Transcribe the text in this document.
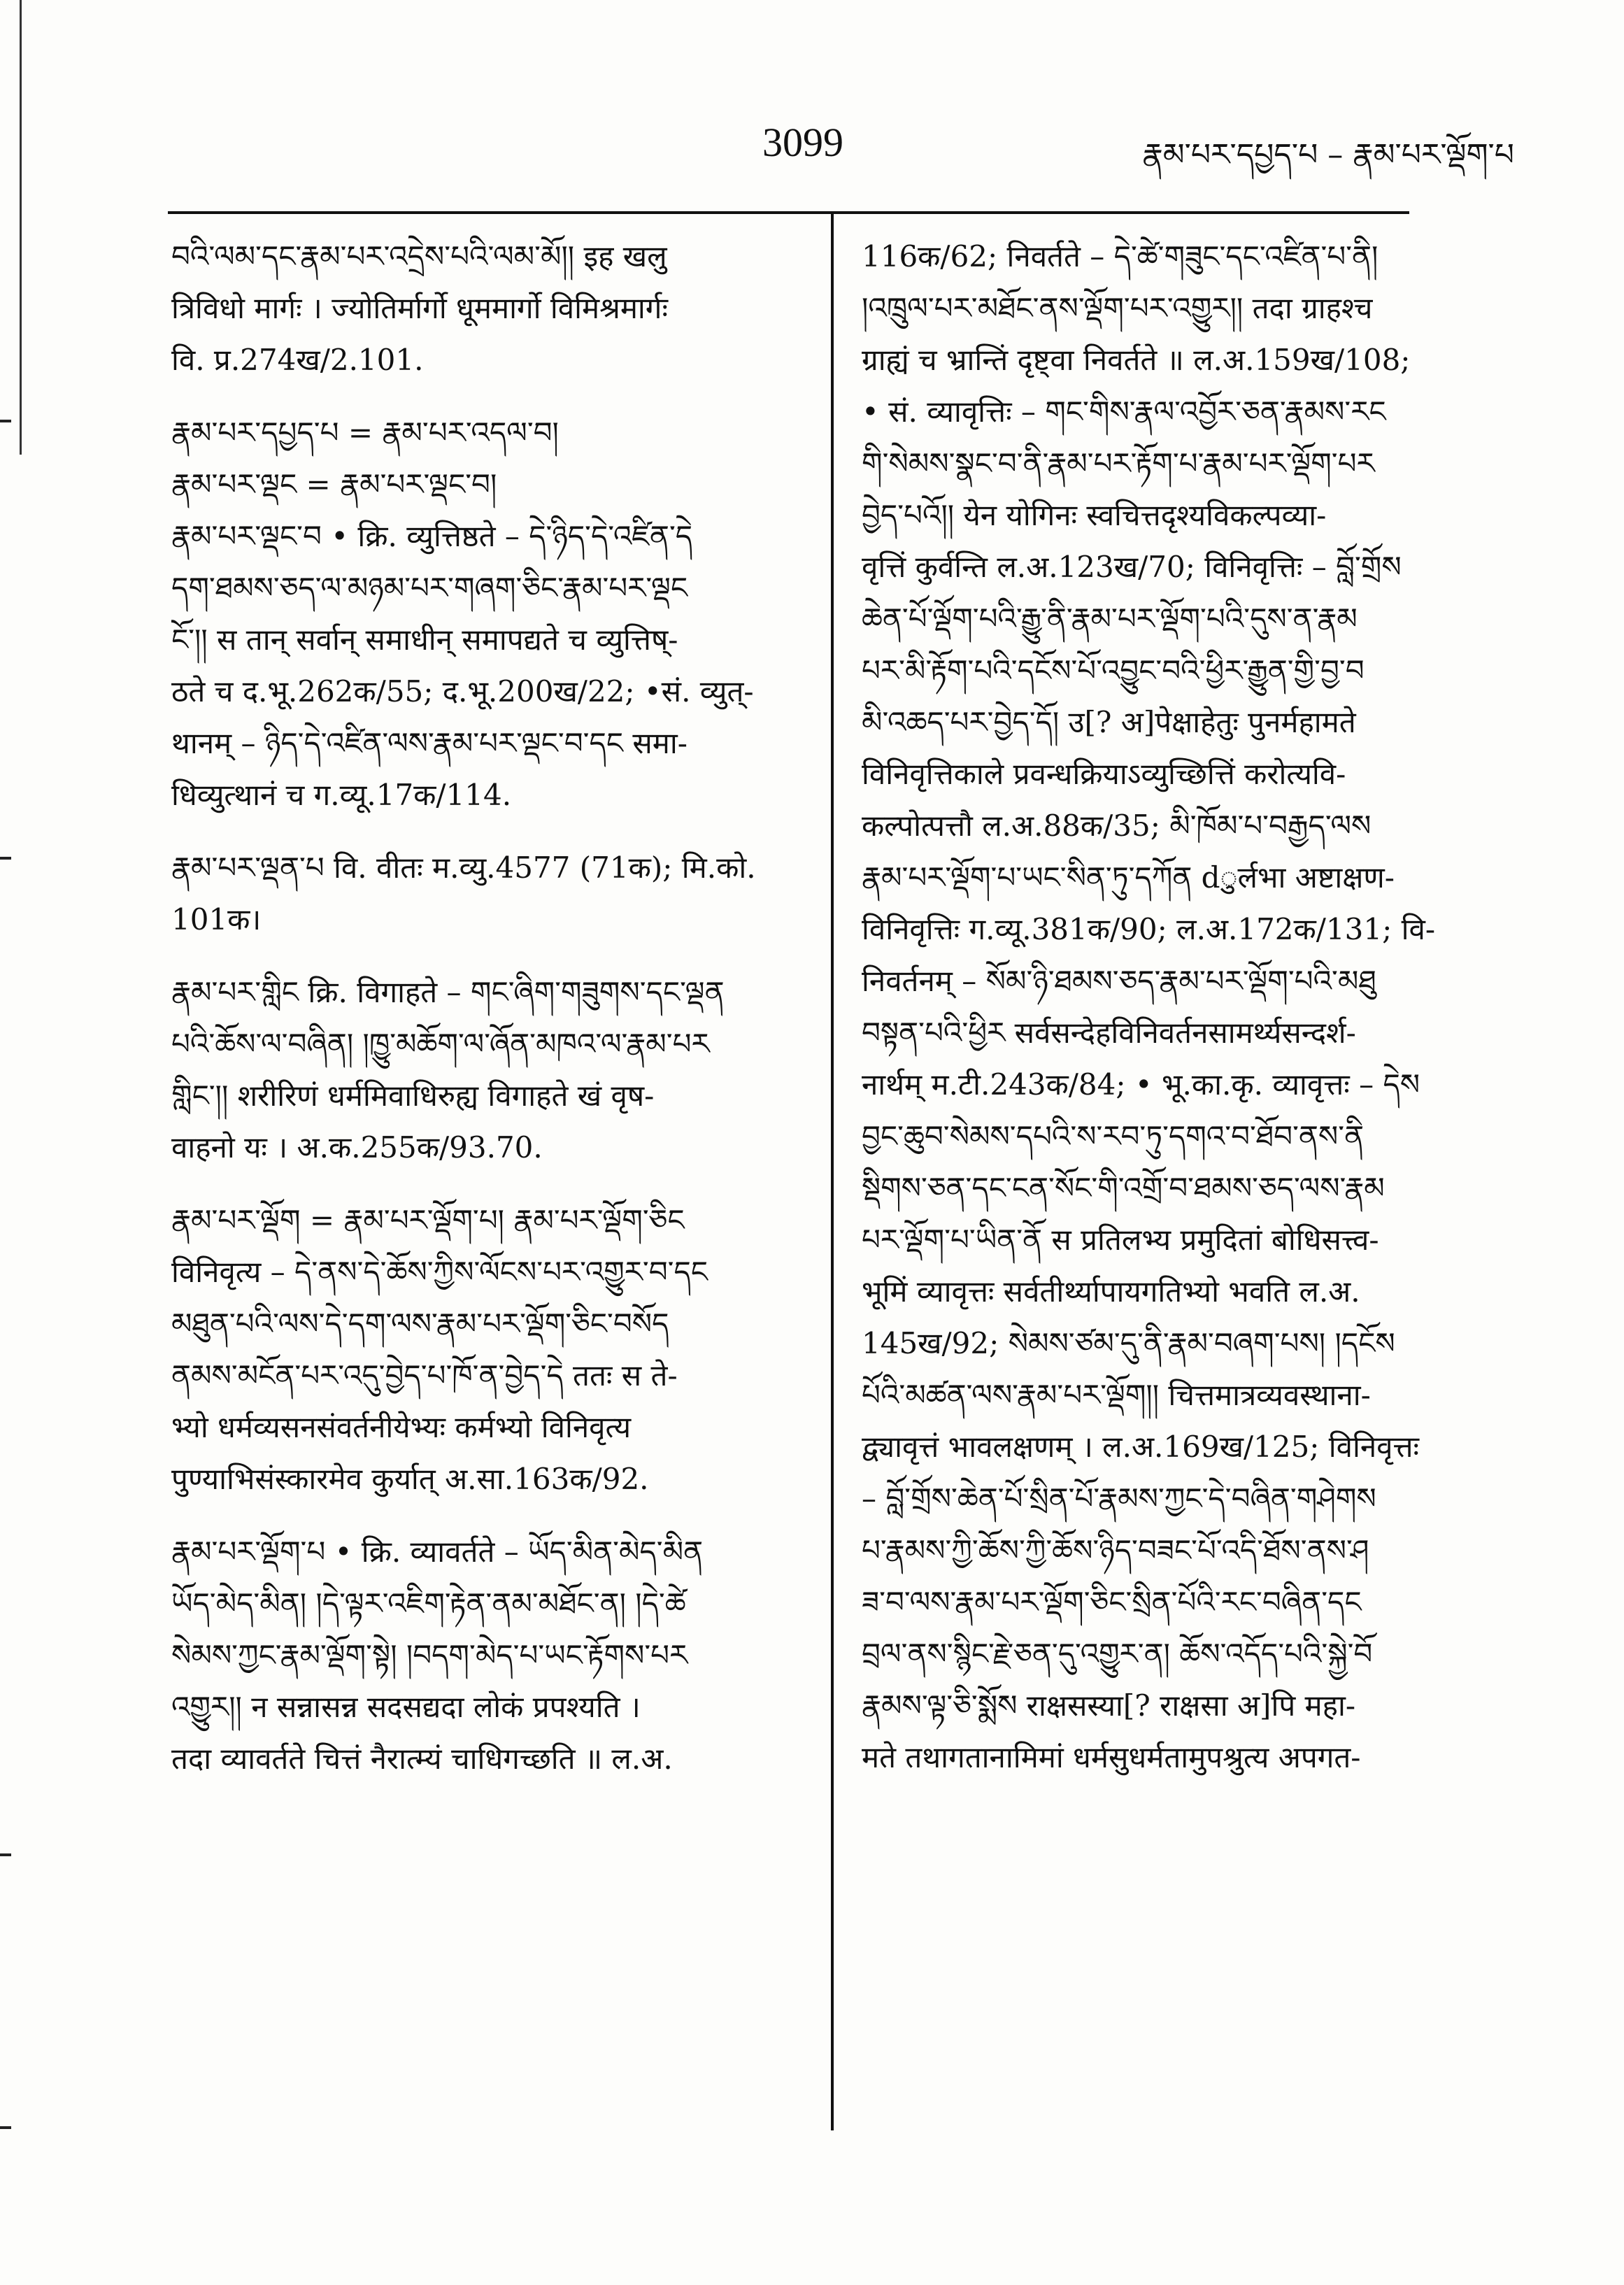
3099	རྣམ་པར་དཔྱད་པ – རྣམ་པར་ལྡོག་པ
བའི་ལམ་དང་རྣམ་པར་འདྲེས་པའི་ལམ་མོ།། इह खलु
त्रिविधो मार्गः । ज्योतिर्मार्गो धूममार्गो विमिश्रमार्गः
वि. प्र.274ख/2.101.
རྣམ་པར་དཔྱད་པ = རྣམ་པར་འདལ་བ།
རྣམ་པར་ལྡང = རྣམ་པར་ལྡང་བ།
རྣམ་པར་ལྡང་བ • क्रि. व्युत्तिष्ठते – དེ་ཉིད་དེ་འཛིན་དེ
དག་ཐམས་ཅད་ལ་མཉམ་པར་གཞག་ཅིང་རྣམ་པར་ལྡང
ངོ་།། स तान् सर्वान् समाधीन् समापद्यते च व्युत्तिष्-
ठते च द.भू.262क/55; द.भू.200ख/22; •सं. व्युत्-
थानम् – ཉིད་དེ་འཛིན་ལས་རྣམ་པར་ལྡང་བ་དང समा-
धिव्युत्थानं च ग.व्यू.17क/114.
རྣམ་པར་ལྡན་པ वि. वीतः म.व्यु.4577 (71क); मि.को.
101क।
རྣམ་པར་གླིང क्रि. विगाहते – གང་ཞིག་གཟུགས་དང་ལྡན
པའི་ཆོས་ལ་བཞིན། །ཁྱུ་མཆོག་ལ་ཞོན་མཁའ་ལ་རྣམ་པར
གླིང་།། शरीरिणं धर्ममिवाधिरुह्य विगाहते खं वृष-
वाहनो यः । अ.क.255क/93.70.
རྣམ་པར་ལྡོག = རྣམ་པར་ལྡོག་པ། རྣམ་པར་ལྡོག་ཅིང
विनिवृत्य – དེ་ནས་དེ་ཆོས་ཀྱིས་ལོངས་པར་འགྱུར་བ་དང
མཐུན་པའི་ལས་དེ་དག་ལས་རྣམ་པར་ལྡོག་ཅིང་བསོད
ནམས་མངོན་པར་འདུ་བྱེད་པ་ཁོ་ན་བྱེད་དེ ततः स ते-
भ्यो धर्मव्यसनसंवर्तनीयेभ्यः कर्मभ्यो विनिवृत्य
पुण्याभिसंस्कारमेव कुर्यात् अ.सा.163क/92.
རྣམ་པར་ལྡོག་པ • क्रि. व्यावर्तते – ཡོད་མིན་མེད་མིན
ཡོད་མེད་མིན། །དེ་ལྟར་འཇིག་རྟེན་ནམ་མཐོང་ན། །དེ་ཚེ
སེམས་ཀྱང་རྣམ་ལྡོག་སྟེ། །བདག་མེད་པ་ཡང་རྟོགས་པར
འགྱུར།། न सन्नासन्न सदसद्यदा लोकं प्रपश्यति ।
तदा व्यावर्तते चित्तं नैरात्म्यं चाधिगच्छति ॥ ल.अ.
116क/62; निवर्तते – དེ་ཚེ་གཟུང་དང་འཛིན་པ་ནི།
།འཁྲུལ་པར་མཐོང་ནས་ལྡོག་པར་འགྱུར།། तदा ग्राहश्च
ग्राह्यं च भ्रान्तिं दृष्ट्वा निवर्तते ॥ ल.अ.159ख/108;
• सं. व्यावृत्तिः – གང་གིས་རྣལ་འབྱོར་ཅན་རྣམས་རང
གི་སེམས་སྣང་བ་ནི་རྣམ་པར་རྟོག་པ་རྣམ་པར་ལྡོག་པར
བྱེད་པའོ།། येन योगिनः स्वचित्तदृश्यविकल्पव्या-
वृत्तिं कुर्वन्ति ल.अ.123ख/70; विनिवृत्तिः – བློ་གྲོས
ཆེན་པོ་ལྡོག་པའི་རྒྱུ་ནི་རྣམ་པར་ལྡོག་པའི་དུས་ན་རྣམ
པར་མི་རྟོག་པའི་དངོས་པོ་འབྱུང་བའི་ཕྱིར་རྒྱུན་གྱི་བྱ་བ
མི་འཆད་པར་བྱེད་དོ། उ[? अ]पेक्षाहेतुः पुनर्महामते
विनिवृत्तिकाले प्रवन्धक्रियाऽव्युच्छित्तिं करोत्यवि-
कल्पोत्पत्तौ ल.अ.88क/35; མི་ཁོམ་པ་བརྒྱད་ལས
རྣམ་པར་ལྡོག་པ་ཡང་སིན་ཏུ་དཀོན dुर्लभा अष्टाक्षण-
विनिवृत्तिः ग.व्यू.381क/90; ल.अ.172क/131; वि-
निवर्तनम् – སོམ་ཉི་ཐམས་ཅད་རྣམ་པར་ལྡོག་པའི་མཐུ
བསྟན་པའི་ཕྱིར सर्वसन्देहविनिवर्तनसामर्थ्यसन्दर्श-
नार्थम् म.टी.243क/84; • भू.का.कृ. व्यावृत्तः – དེས
བྱང་ཆུབ་སེམས་དཔའི་ས་རབ་ཏུ་དགའ་བ་ཐོབ་ནས་ནི
སྡིགས་ཅན་དང་ངན་སོང་གི་འགྲོ་བ་ཐམས་ཅད་ལས་རྣམ
པར་ལྡོག་པ་ཡིན་ནོ स प्रतिलभ्य प्रमुदितां बोधिसत्त्व-
भूमिं व्यावृत्तः सर्वतीर्थ्यापायगतिभ्यो भवति ल.अ.
145ख/92; སེམས་ཙམ་དུ་ནི་རྣམ་བཞག་པས། །དངོས
པོའི་མཚན་ལས་རྣམ་པར་ལྡོག།། चित्तमात्रव्यवस्थाना-
द्व्यावृत्तं भावलक्षणम् । ल.अ.169ख/125; विनिवृत्तः
– བློ་གྲོས་ཆེན་པོ་སྲིན་པོ་རྣམས་ཀྱང་དེ་བཞིན་གཤེགས
པ་རྣམས་ཀྱི་ཆོས་ཀྱི་ཆོས་ཉིད་བཟང་པོ་འདི་ཐོས་ནས་ཤ
ཟ་བ་ལས་རྣམ་པར་ལྡོག་ཅིང་སྲིན་པོའི་རང་བཞིན་དང
བྲལ་ནས་སྙིང་རྗེ་ཅན་དུ་འགྱུར་ན། ཆོས་འདོད་པའི་སྐྱེ་བོ
རྣམས་ལྟ་ཅི་སྨོས राक्षसस्या[? राक्षसा अ]पि महा-
मते तथागतानामिमां धर्मसुधर्मतामुपश्रुत्य अपगत-
